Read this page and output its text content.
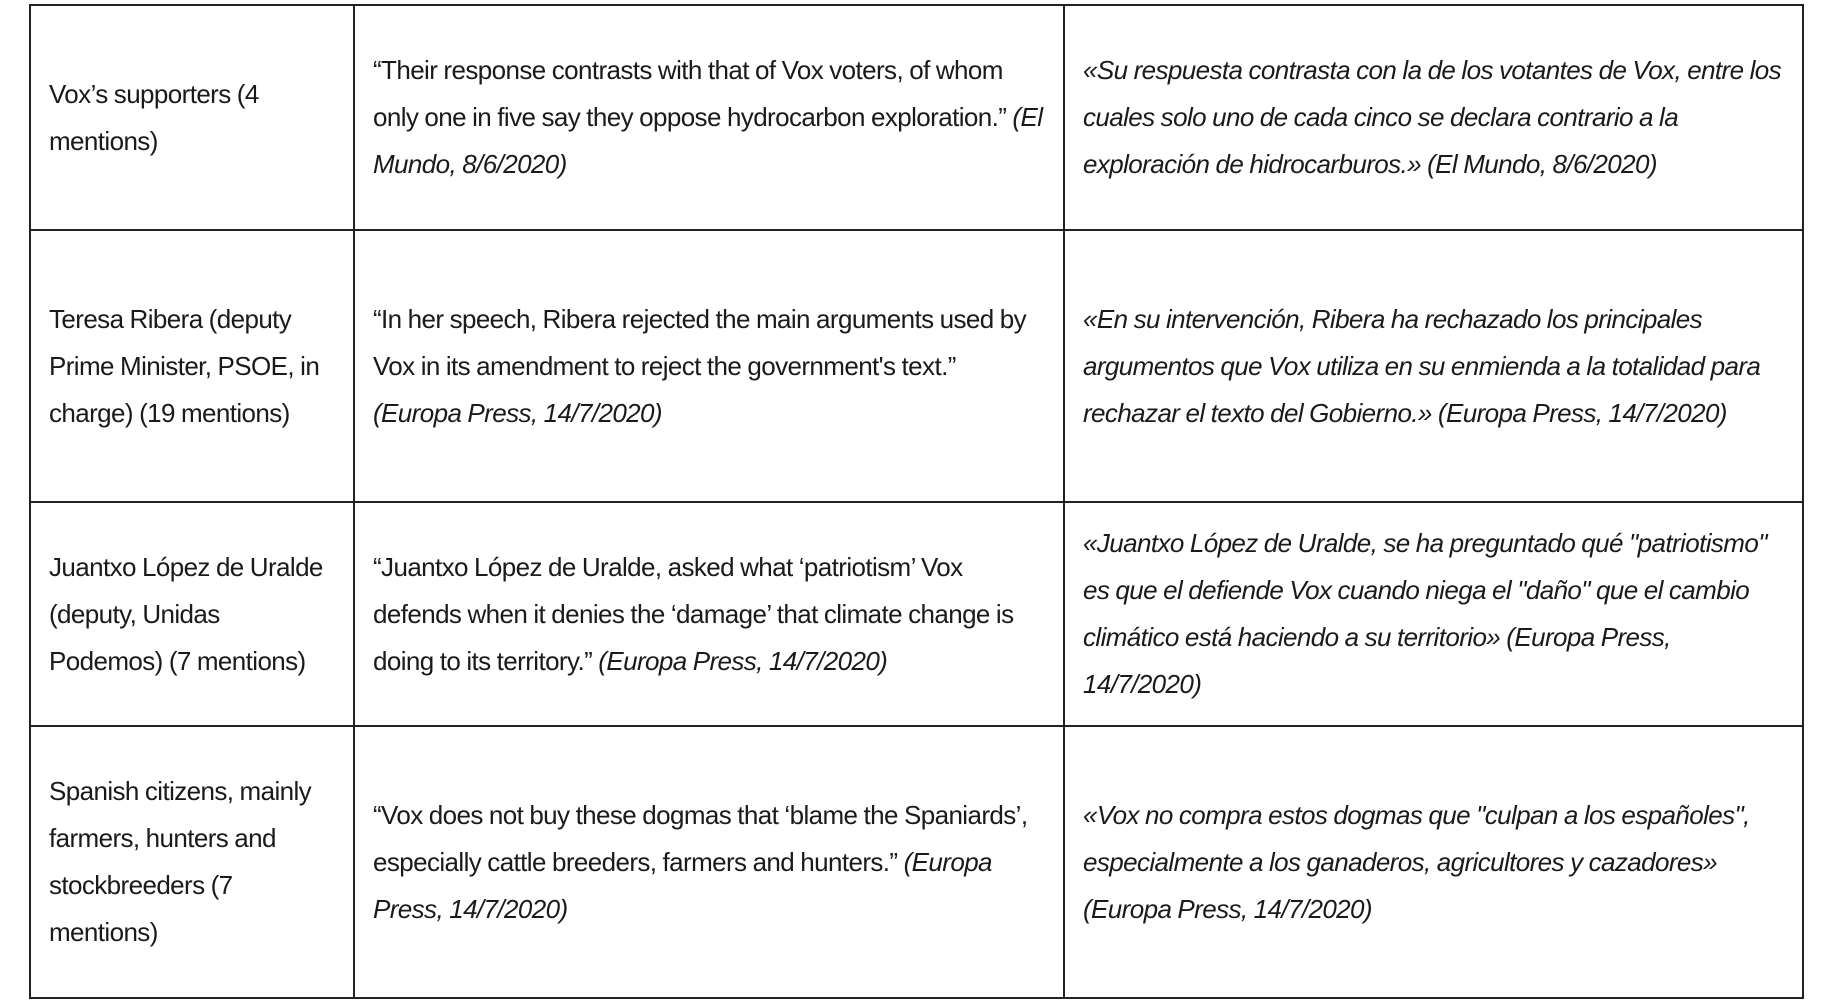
Vox’s supporters (4 mentions)	“Their response contrasts with that of Vox voters, of whom only one in five say they oppose hydrocarbon exploration.” (El Mundo, 8/6/2020)	«Su respuesta contrasta con la de los votantes de Vox, entre los cuales solo uno de cada cinco se declara contrario a la exploración de hidrocarburos.» (El Mundo, 8/6/2020)
Teresa Ribera (deputy Prime Minister, PSOE, in charge) (19 mentions)	“In her speech, Ribera rejected the main arguments used by Vox in its amendment to reject the government's text.” (Europa Press, 14/7/2020)	«En su intervención, Ribera ha rechazado los principales argumentos que Vox utiliza en su enmienda a la totalidad para rechazar el texto del Gobierno.» (Europa Press, 14/7/2020)
Juantxo López de Uralde (deputy, Unidas Podemos) (7 mentions)	“Juantxo López de Uralde, asked what ‘patriotism’ Vox defends when it denies the ‘damage’ that climate change is doing to its territory.” (Europa Press, 14/7/2020)	«Juantxo López de Uralde, se ha preguntado qué "patriotismo" es que el defiende Vox cuando niega el "daño" que el cambio climático está haciendo a su territorio» (Europa Press, 14/7/2020)
Spanish citizens, mainly farmers, hunters and stockbreeders (7 mentions)	“Vox does not buy these dogmas that ‘blame the Spaniards’, especially cattle breeders, farmers and hunters.” (Europa Press, 14/7/2020)	«Vox no compra estos dogmas que "culpan a los españoles", especialmente a los ganaderos, agricultores y cazadores» (Europa Press, 14/7/2020)
